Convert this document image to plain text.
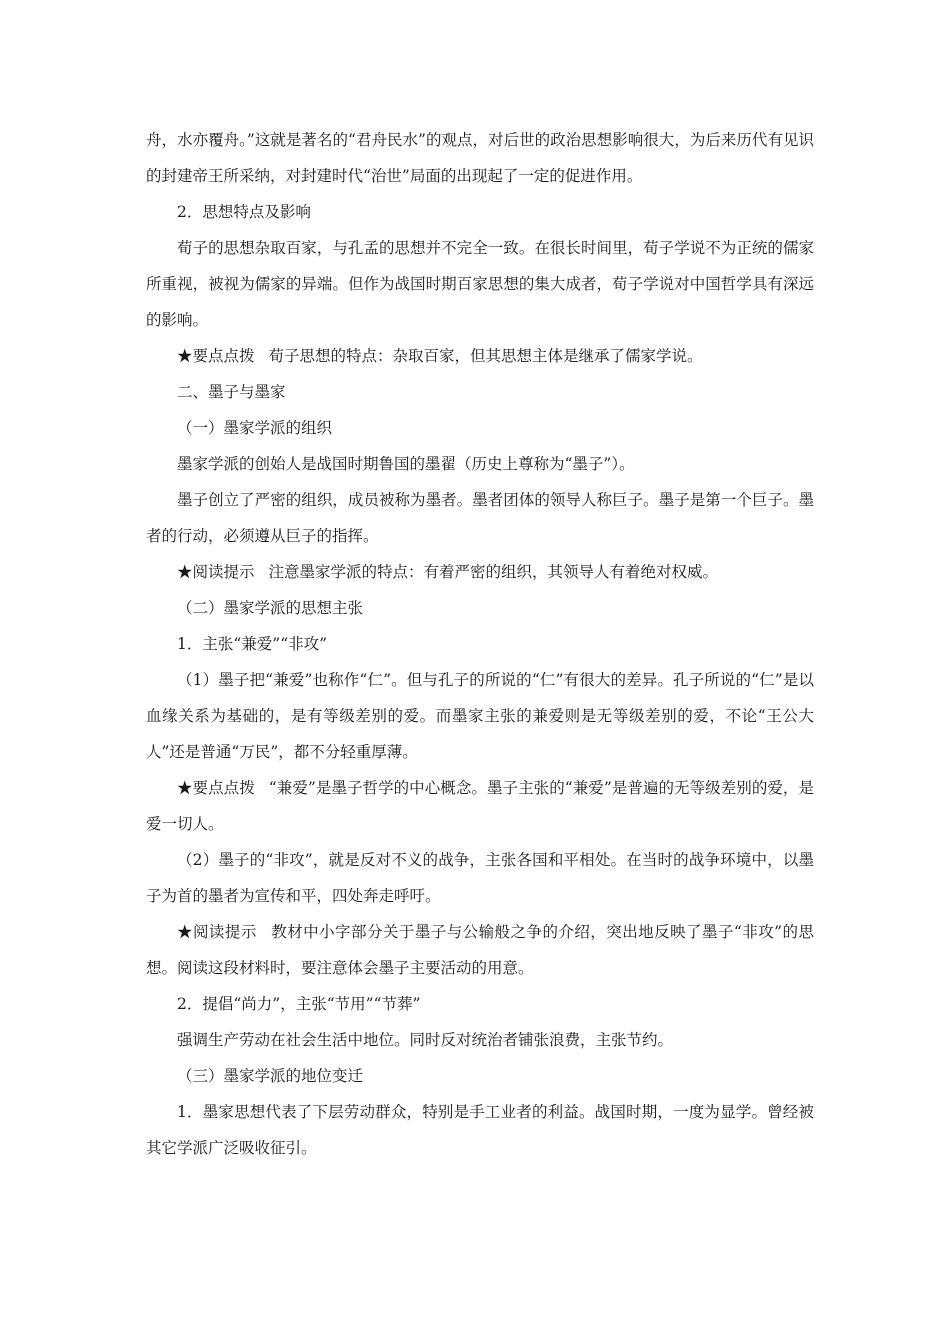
舟，水亦覆舟。”这就是著名的“君舟民水”的观点，对后世的政治思想影响很大，为后来历代有见识的封建帝王所采纳，对封建时代“治世”局面的出现起了一定的促进作用。

2．思想特点及影响

荀子的思想杂取百家，与孔孟的思想并不完全一致。在很长时间里，荀子学说不为正统的儒家所重视，被视为儒家的异端。但作为战国时期百家思想的集大成者，荀子学说对中国哲学具有深远的影响。

★要点点拨 荀子思想的特点：杂取百家，但其思想主体是继承了儒家学说。

二、墨子与墨家

（一）墨家学派的组织

墨家学派的创始人是战国时期鲁国的墨翟（历史上尊称为“墨子”）。

墨子创立了严密的组织，成员被称为墨者。墨者团体的领导人称巨子。墨子是第一个巨子。墨者的行动，必须遵从巨子的指挥。

★阅读提示 注意墨家学派的特点：有着严密的组织，其领导人有着绝对权威。

（二）墨家学派的思想主张

1．主张“兼爱”“非攻”

（1）墨子把“兼爱”也称作“仁”。但与孔子的所说的“仁”有很大的差异。孔子所说的“仁”是以血缘关系为基础的，是有等级差别的爱。而墨家主张的兼爱则是无等级差别的爱，不论“王公大人”还是普通“万民”，都不分轻重厚薄。

★要点点拨 “兼爱”是墨子哲学的中心概念。墨子主张的“兼爱”是普遍的无等级差别的爱，是爱一切人。

（2）墨子的“非攻”，就是反对不义的战争，主张各国和平相处。在当时的战争环境中，以墨子为首的墨者为宣传和平，四处奔走呼吁。

★阅读提示 教材中小字部分关于墨子与公输般之争的介绍，突出地反映了墨子“非攻”的思想。阅读这段材料时，要注意体会墨子主要活动的用意。

2．提倡“尚力”，主张“节用”“节葬”

强调生产劳动在社会生活中地位。同时反对统治者铺张浪费，主张节约。

（三）墨家学派的地位变迁

1．墨家思想代表了下层劳动群众，特别是手工业者的利益。战国时期，一度为显学。曾经被其它学派广泛吸收征引。
